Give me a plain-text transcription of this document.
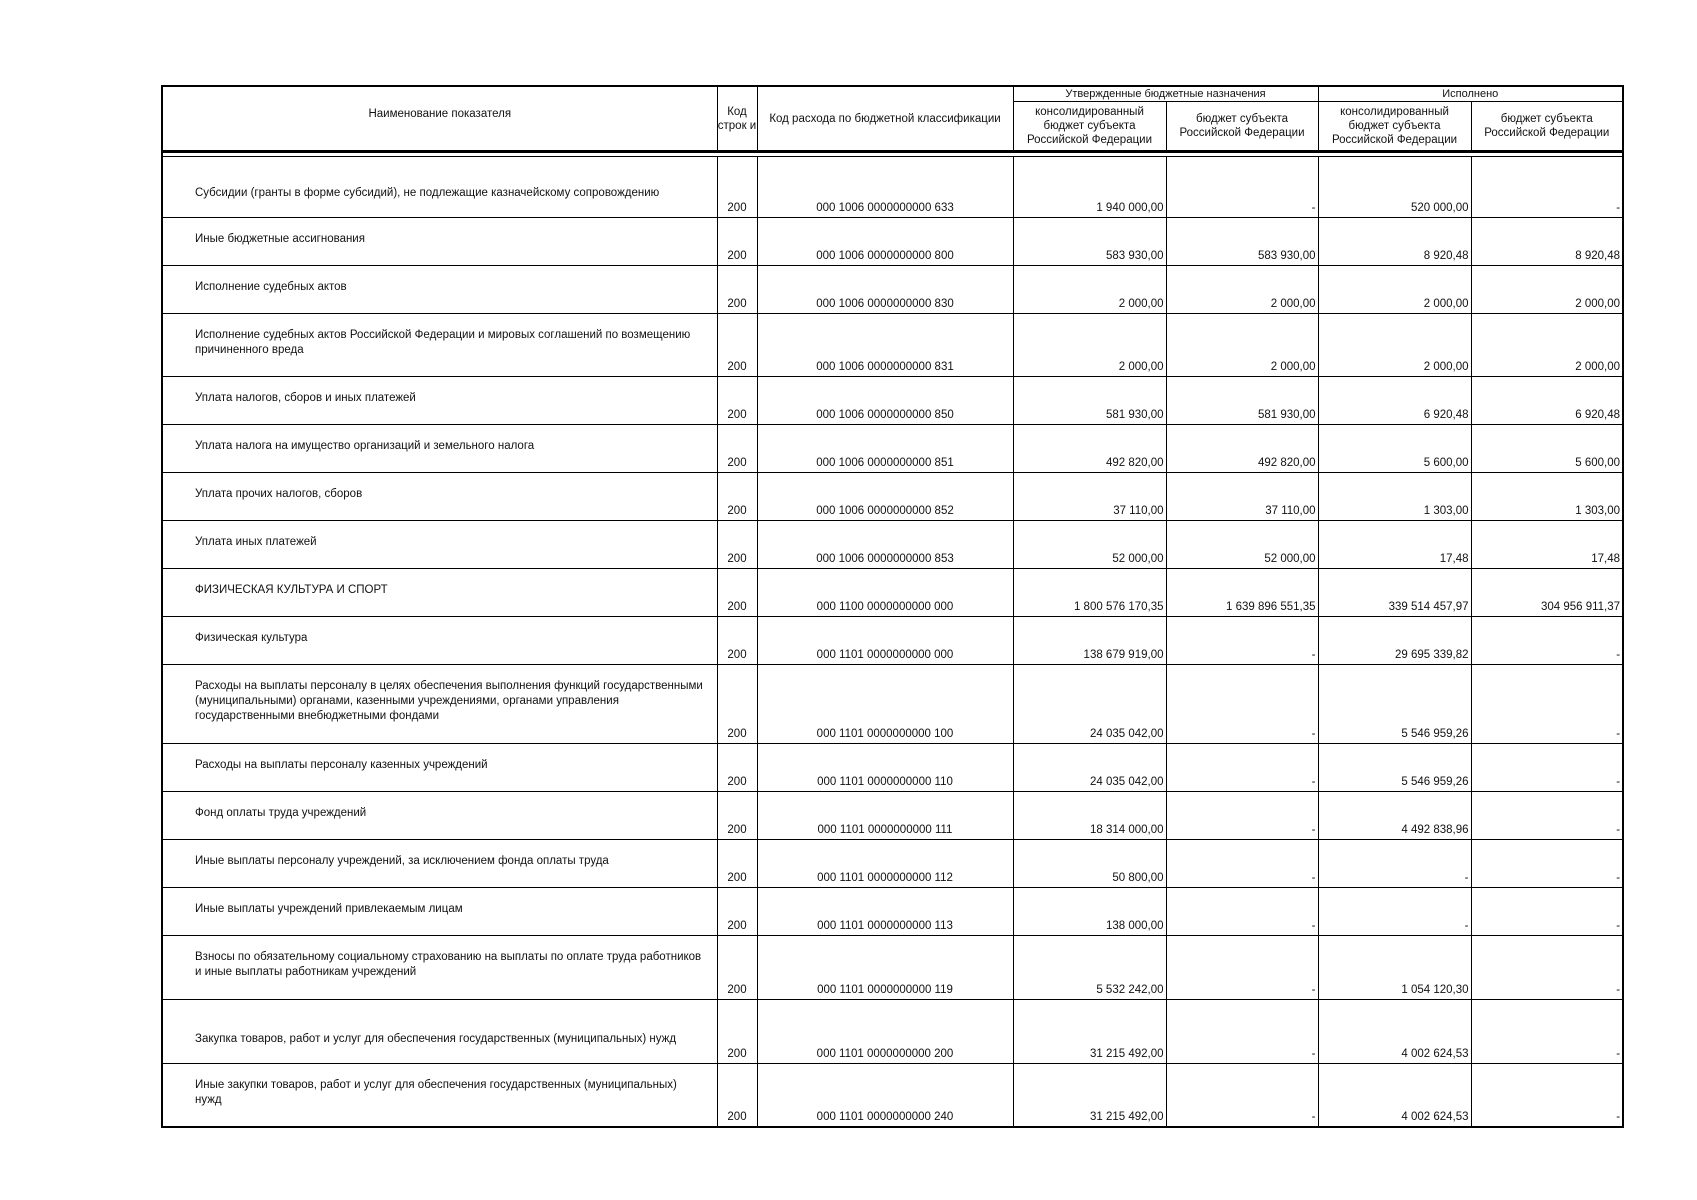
Наименование показателя	Код строк и	Код расхода по бюджетной классификации	Утвержденные бюджетные назначения		Исполнено	
			консолидированный бюджет субъекта Российской Федерации	бюджет субъекта Российской Федерации	консолидированный бюджет субъекта Российской Федерации	бюджет субъекта Российской Федерации

Субсидии (гранты в форме субсидий), не подлежащие казначейскому сопровождению	200	000 1006 0000000000 633	1 940 000,00	-	520 000,00	-

Иные бюджетные ассигнования	200	000 1006 0000000000 800	583 930,00	583 930,00	8 920,48	8 920,48

Исполнение судебных актов	200	000 1006 0000000000 830	2 000,00	2 000,00	2 000,00	2 000,00

Исполнение судебных актов Российской Федерации и мировых соглашений по возмещению причиненного вреда	200	000 1006 0000000000 831	2 000,00	2 000,00	2 000,00	2 000,00

Уплата налогов, сборов и иных платежей	200	000 1006 0000000000 850	581 930,00	581 930,00	6 920,48	6 920,48

Уплата налога на имущество организаций и земельного налога	200	000 1006 0000000000 851	492 820,00	492 820,00	5 600,00	5 600,00

Уплата прочих налогов, сборов	200	000 1006 0000000000 852	37 110,00	37 110,00	1 303,00	1 303,00

Уплата иных платежей	200	000 1006 0000000000 853	52 000,00	52 000,00	17,48	17,48

ФИЗИЧЕСКАЯ КУЛЬТУРА И СПОРТ	200	000 1100 0000000000 000	1 800 576 170,35	1 639 896 551,35	339 514 457,97	304 956 911,37

Физическая культура	200	000 1101 0000000000 000	138 679 919,00	-	29 695 339,82	-

Расходы на выплаты персоналу в целях обеспечения выполнения функций государственными (муниципальными) органами, казенными учреждениями, органами управления государственными внебюджетными фондами	200	000 1101 0000000000 100	24 035 042,00	-	5 546 959,26	-

Расходы на выплаты персоналу казенных учреждений	200	000 1101 0000000000 110	24 035 042,00	-	5 546 959,26	-

Фонд оплаты труда учреждений	200	000 1101 0000000000 111	18 314 000,00	-	4 492 838,96	-

Иные выплаты персоналу учреждений, за исключением фонда оплаты труда	200	000 1101 0000000000 112	50 800,00	-	-	-

Иные выплаты учреждений привлекаемым лицам	200	000 1101 0000000000 113	138 000,00	-	-	-

Взносы по обязательному социальному страхованию на выплаты по оплате труда работников и иные выплаты работникам учреждений	200	000 1101 0000000000 119	5 532 242,00	-	1 054 120,30	-

Закупка товаров, работ и услуг для обеспечения государственных (муниципальных) нужд	200	000 1101 0000000000 200	31 215 492,00	-	4 002 624,53	-

Иные закупки товаров, работ и услуг для обеспечения государственных (муниципальных) нужд	200	000 1101 0000000000 240	31 215 492,00	-	4 002 624,53	-
